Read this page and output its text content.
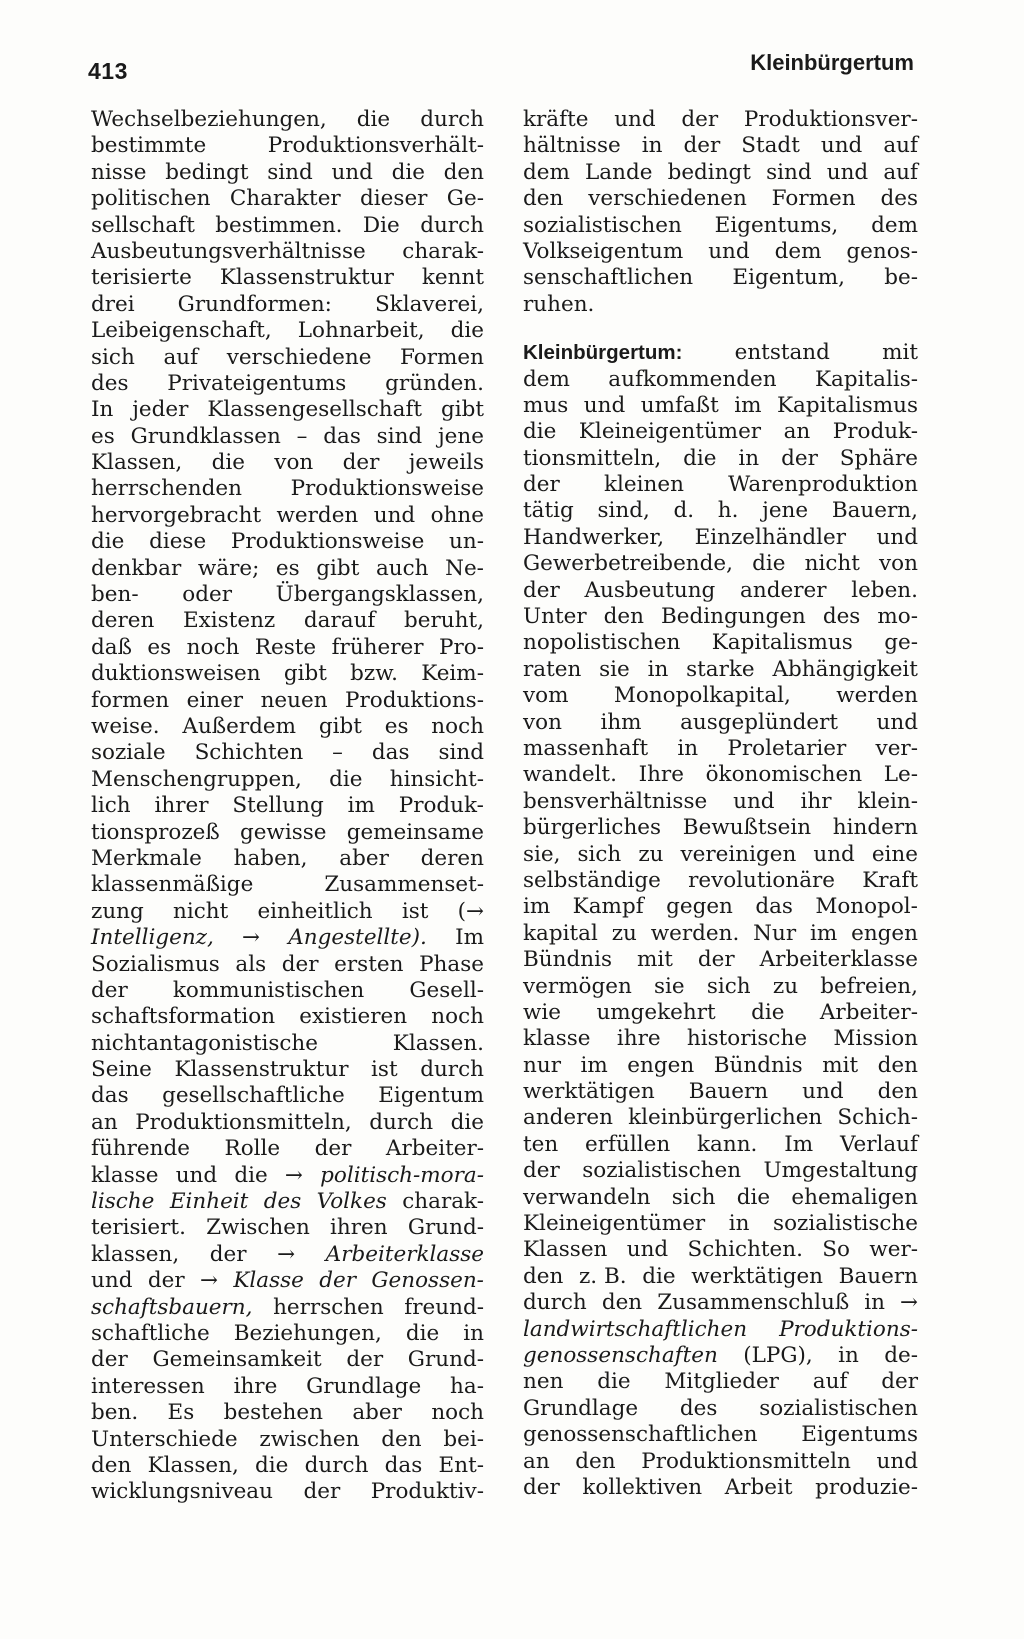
413	Kleinbürgertum
Wechselbeziehungen, die durch
bestimmte	Produktionsverhält-
nisse bedingt sind und die den
politischen Charakter dieser Ge-
sellschaft bestimmen. Die durch
Ausbeutungsverhältnisse charak-
terisierte Klassenstruktur kennt
drei Grundformen: Sklaverei,
Leibeigenschaft, Lohnarbeit, die
sich auf verschiedene Formen
des Privateigentums gründen.
In jeder Klassengesellschaft gibt
es Grundklassen – das sind jene
Klassen, die von der jeweils
herrschenden Produktionsweise
hervorgebracht werden und ohne
die diese Produktionsweise un-
denkbar wäre; es gibt auch Ne-
ben- oder Übergangsklassen,
deren Existenz darauf beruht,
daß es noch Reste früherer Pro-
duktionsweisen gibt bzw. Keim-
formen einer neuen Produktions-
weise. Außerdem gibt es noch
soziale Schichten – das sind
Menschengruppen, die hinsicht-
lich ihrer Stellung im Produk-
tionsprozeß gewisse gemeinsame
Merkmale haben, aber deren
klassenmäßige	Zusammenset-
zung nicht einheitlich ist (→
Intelligenz, → Angestellte). Im
Sozialismus als der ersten Phase
der kommunistischen Gesell-
schaftsformation existieren noch
nichtantagonistische	Klassen.
Seine Klassenstruktur ist durch
das gesellschaftliche Eigentum
an Produktionsmitteln, durch die
führende Rolle der Arbeiter-
klasse und die → politisch-mora-
lische Einheit des Volkes charak-
terisiert. Zwischen ihren Grund-
klassen, der → Arbeiterklasse
und der → Klasse der Genossen-
schaftsbauern, herrschen freund-
schaftliche Beziehungen, die in
der Gemeinsamkeit der Grund-
interessen ihre Grundlage ha-
ben. Es bestehen aber noch
Unterschiede zwischen den bei-
den Klassen, die durch das Ent-
wicklungsniveau der Produktiv-
kräfte und der Produktionsver-
hältnisse in der Stadt und auf
dem Lande bedingt sind und auf
den verschiedenen Formen des
sozialistischen Eigentums, dem
Volkseigentum und dem genos-
senschaftlichen Eigentum, be-
ruhen.
Kleinbürgertum: entstand mit
dem aufkommenden Kapitalis-
mus und umfaßt im Kapitalismus
die Kleineigentümer an Produk-
tionsmitteln, die in der Sphäre
der kleinen Warenproduktion
tätig sind, d. h. jene Bauern,
Handwerker, Einzelhändler und
Gewerbetreibende, die nicht von
der Ausbeutung anderer leben.
Unter den Bedingungen des mo-
nopolistischen Kapitalismus ge-
raten sie in starke Abhängigkeit
vom Monopolkapital, werden
von ihm ausgeplündert und
massenhaft in Proletarier ver-
wandelt. Ihre ökonomischen Le-
bensverhältnisse und ihr klein-
bürgerliches Bewußtsein hindern
sie, sich zu vereinigen und eine
selbständige revolutionäre Kraft
im Kampf gegen das Monopol-
kapital zu werden. Nur im engen
Bündnis mit der Arbeiterklasse
vermögen sie sich zu befreien,
wie umgekehrt die Arbeiter-
klasse ihre historische Mission
nur im engen Bündnis mit den
werktätigen Bauern und den
anderen kleinbürgerlichen Schich-
ten erfüllen kann. Im Verlauf
der sozialistischen Umgestaltung
verwandeln sich die ehemaligen
Kleineigentümer in sozialistische
Klassen und Schichten. So wer-
den z. B. die werktätigen Bauern
durch den Zusammenschluß in →
landwirtschaftlichen Produktions-
genossenschaften (LPG), in de-
nen die Mitglieder auf der
Grundlage des sozialistischen
genossenschaftlichen Eigentums
an den Produktionsmitteln und
der kollektiven Arbeit produzie-
